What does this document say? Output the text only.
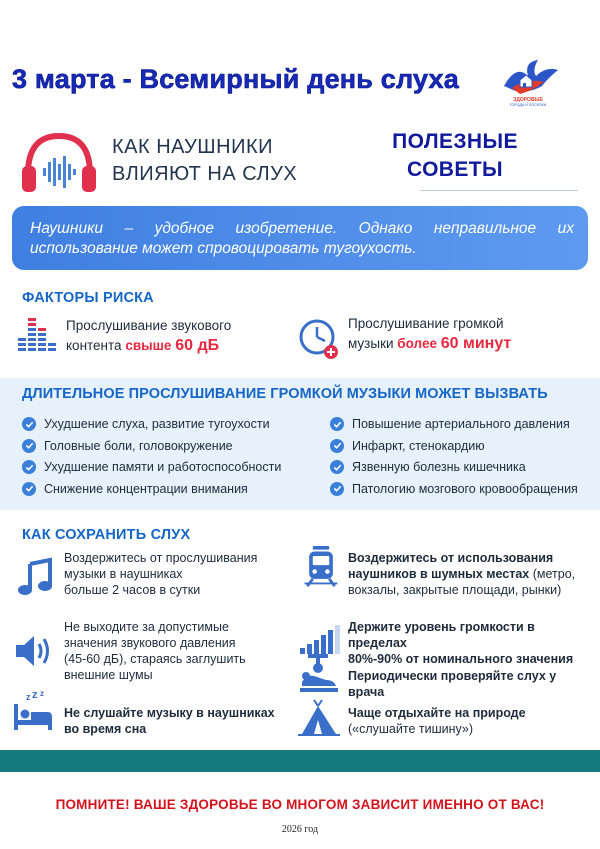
3 марта - Всемирный день слуха
ЗДОРОВЫЕ
ГОРОДА И ПОСЕЛКИ
КАК НАУШНИКИ
ВЛИЯЮТ НА СЛУХ
ПОЛЕЗНЫЕ
СОВЕТЫ
Наушники – удобное изобретение. Однако неправильное их
использование может спровоцировать тугоухость.
ФАКТОРЫ РИСКА
Прослушивание звукового
контента свыше 60 дБ
Прослушивание громкой
музыки более 60 минут
ДЛИТЕЛЬНОЕ ПРОСЛУШИВАНИЕ ГРОМКОЙ МУЗЫКИ МОЖЕТ ВЫЗВАТЬ
Ухудшение слуха, развитие тугоухости
Головные боли, головокружение
Ухудшение памяти и работоспособности
Снижение концентрации внимания
Повышение артериального давления
Инфаркт, стенокардию
Язвенную болезнь кишечника
Патологию мозгового кровообращения
КАК СОХРАНИТЬ СЛУХ
Воздержитесь от прослушивания
музыки в наушниках
больше 2 часов в сутки
Не выходите за допустимые
значения звукового давления
(45-60 дБ), стараясь заглушить
внешние шумы
z z z
Не слушайте музыку в наушниках
во время сна
Воздержитесь от использования
наушников в шумных местах (метро,
вокзалы, закрытые площади, рынки)
Держите уровень громкости в пределах
80%-90% от номинального значения
Периодически проверяйте слух у врача
Чаще отдыхайте на природе
(«слушайте тишину»)
ПОМНИТЕ! ВАШЕ ЗДОРОВЬЕ ВО МНОГОМ ЗАВИСИТ ИМЕННО ОТ ВАС!
2026 год
